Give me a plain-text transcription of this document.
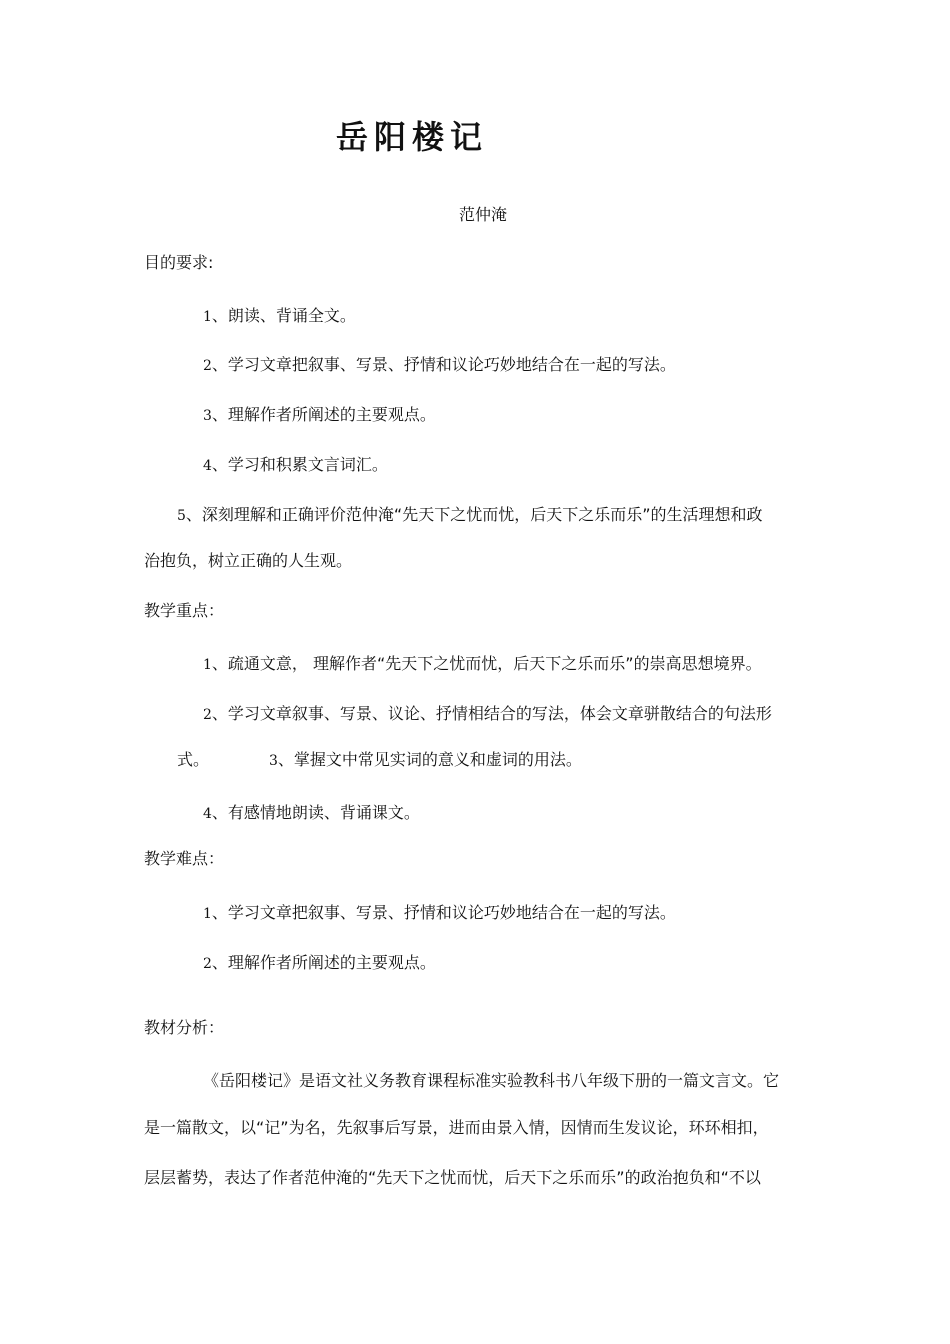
岳阳楼记
范仲淹
目的要求:
1、朗读、背诵全文。
2、学习文章把叙事、写景、抒情和议论巧妙地结合在一起的写法。
3、理解作者所阐述的主要观点。
4、学习和积累文言词汇。
5、深刻理解和正确评价范仲淹“先天下之忧而忧，后天下之乐而乐”的生活理想和政
治抱负，树立正确的人生观。
教学重点：
1、疏通文意， 理解作者“先天下之忧而忧，后天下之乐而乐”的崇高思想境界。
2、学习文章叙事、写景、议论、抒情相结合的写法，体会文章骈散结合的句法形
式。	3、掌握文中常见实词的意义和虚词的用法。
4、有感情地朗读、背诵课文。
教学难点：
1、学习文章把叙事、写景、抒情和议论巧妙地结合在一起的写法。
2、理解作者所阐述的主要观点。
教材分析：
《岳阳楼记》是语文社义务教育课程标准实验教科书八年级下册的一篇文言文。它
是一篇散文，以“记”为名，先叙事后写景，进而由景入情，因情而生发议论，环环相扣，
层层蓄势，表达了作者范仲淹的“先天下之忧而忧，后天下之乐而乐”的政治抱负和“不以
